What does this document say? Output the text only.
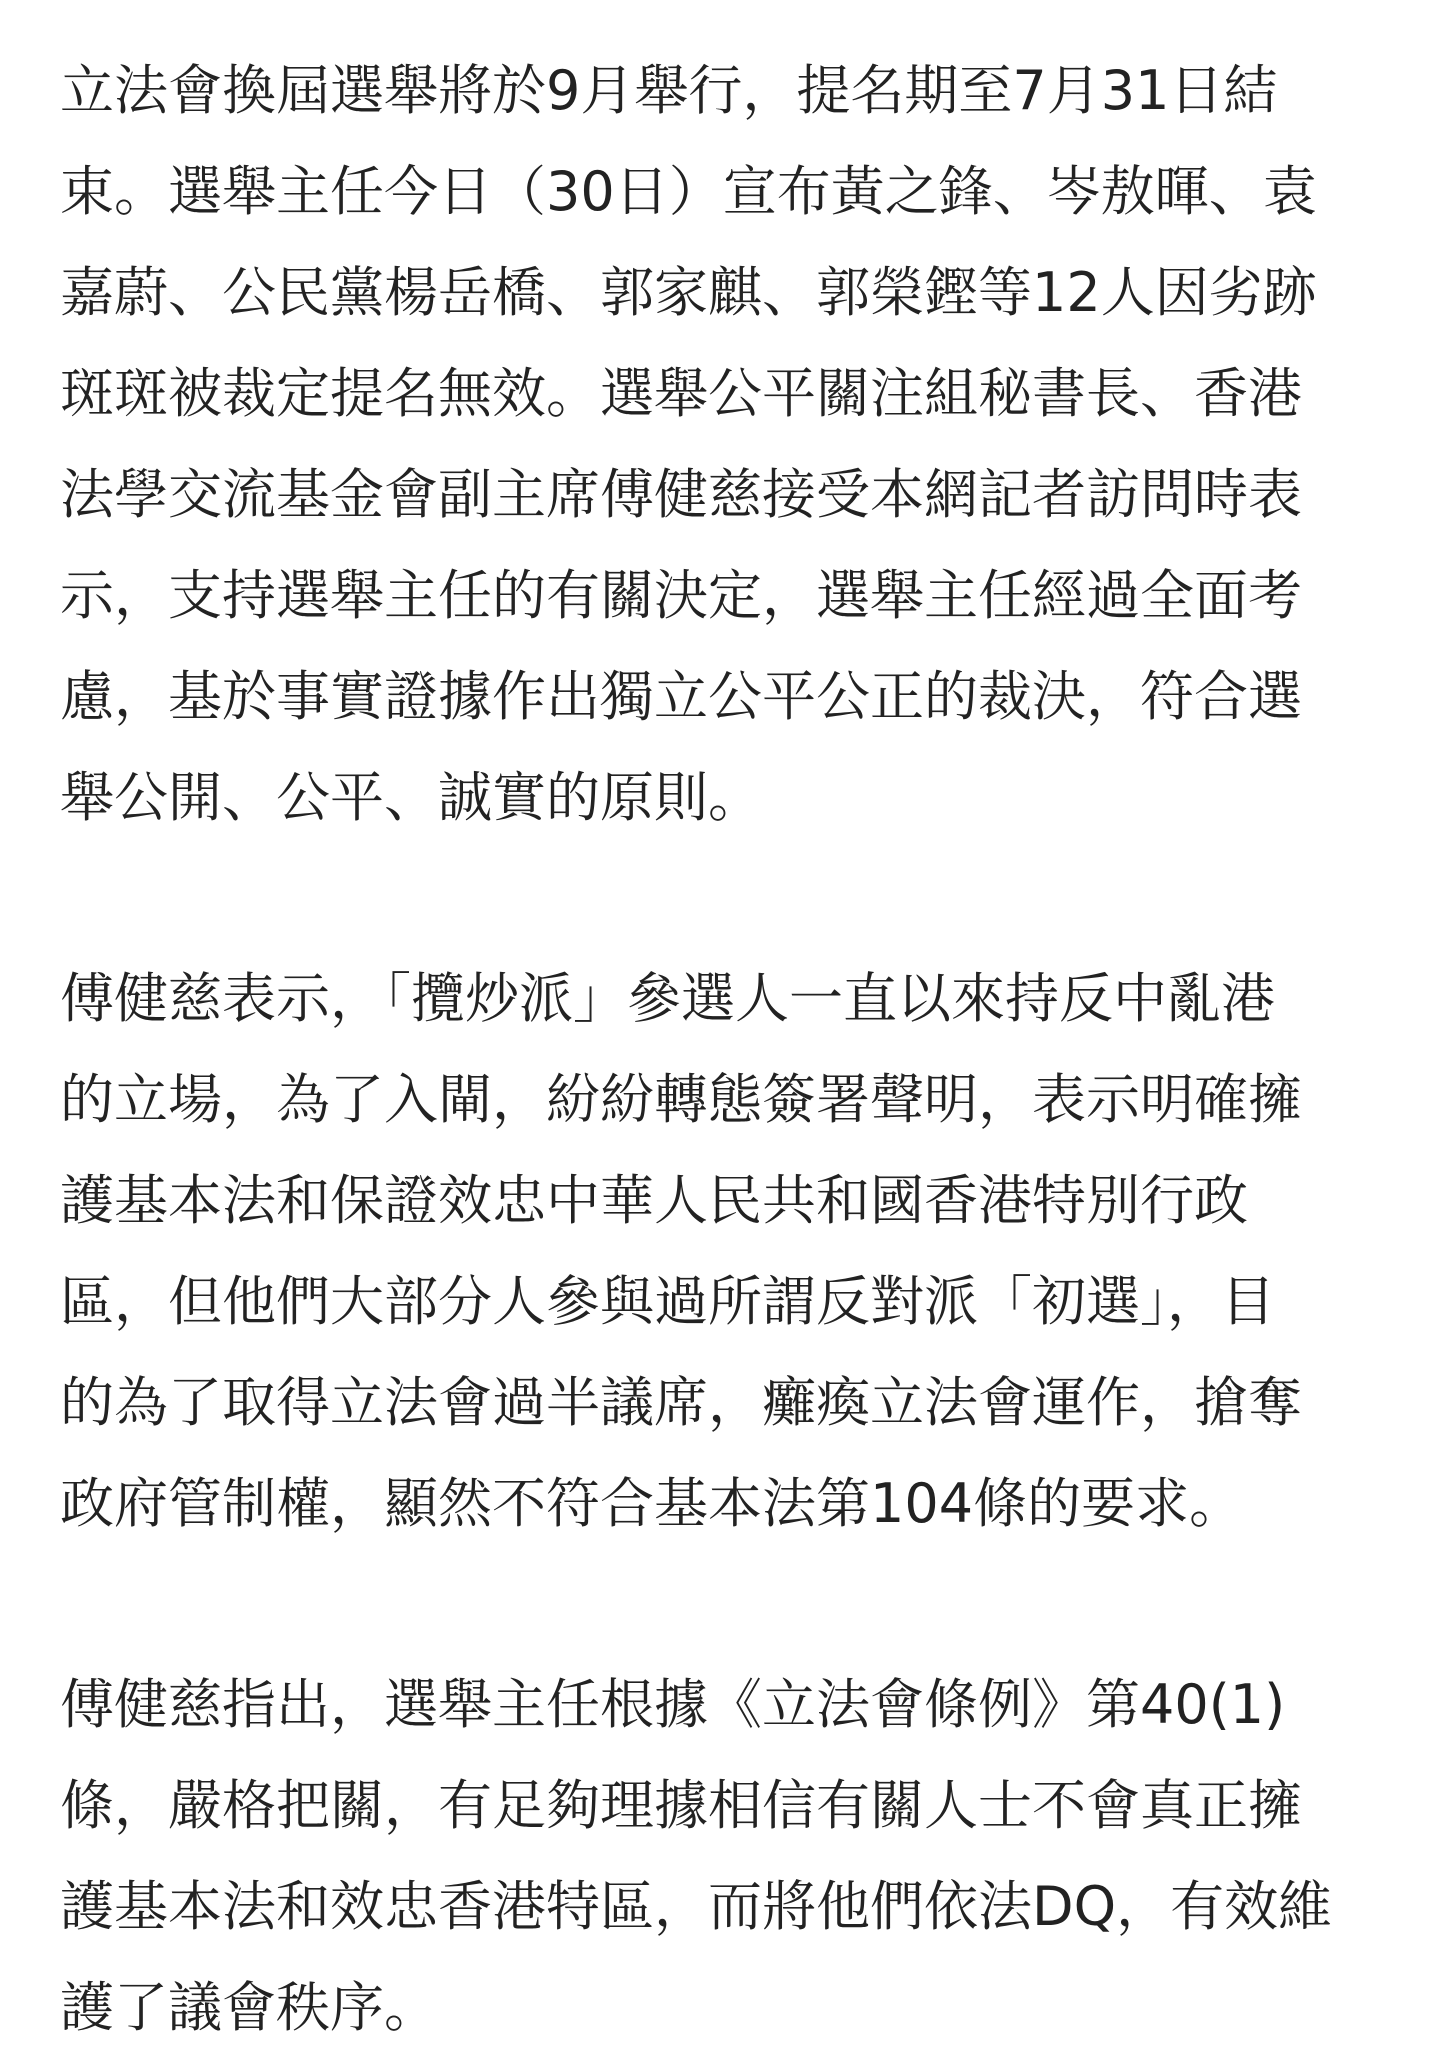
立法會換屆選舉將於9月舉行，提名期至7月31日結
束。選舉主任今日（30日）宣布黃之鋒、岑敖暉、袁
嘉蔚、公民黨楊岳橋、郭家麒、郭榮鏗等12人因劣跡
斑斑被裁定提名無效。選舉公平關注組秘書長、香港
法學交流基金會副主席傅健慈接受本網記者訪問時表
示，支持選舉主任的有關決定，選舉主任經過全面考
慮，基於事實證據作出獨立公平公正的裁決，符合選
舉公開、公平、誠實的原則。

傅健慈表示，「攬炒派」參選人一直以來持反中亂港
的立場，為了入閘，紛紛轉態簽署聲明，表示明確擁
護基本法和保證效忠中華人民共和國香港特別行政
區，但他們大部分人參與過所謂反對派「初選」，目
的為了取得立法會過半議席，癱瘓立法會運作，搶奪
政府管制權，顯然不符合基本法第104條的要求。

傅健慈指出，選舉主任根據《立法會條例》第40(1)
條，嚴格把關，有足夠理據相信有關人士不會真正擁
護基本法和效忠香港特區，而將他們依法DQ，有效維
護了議會秩序。
